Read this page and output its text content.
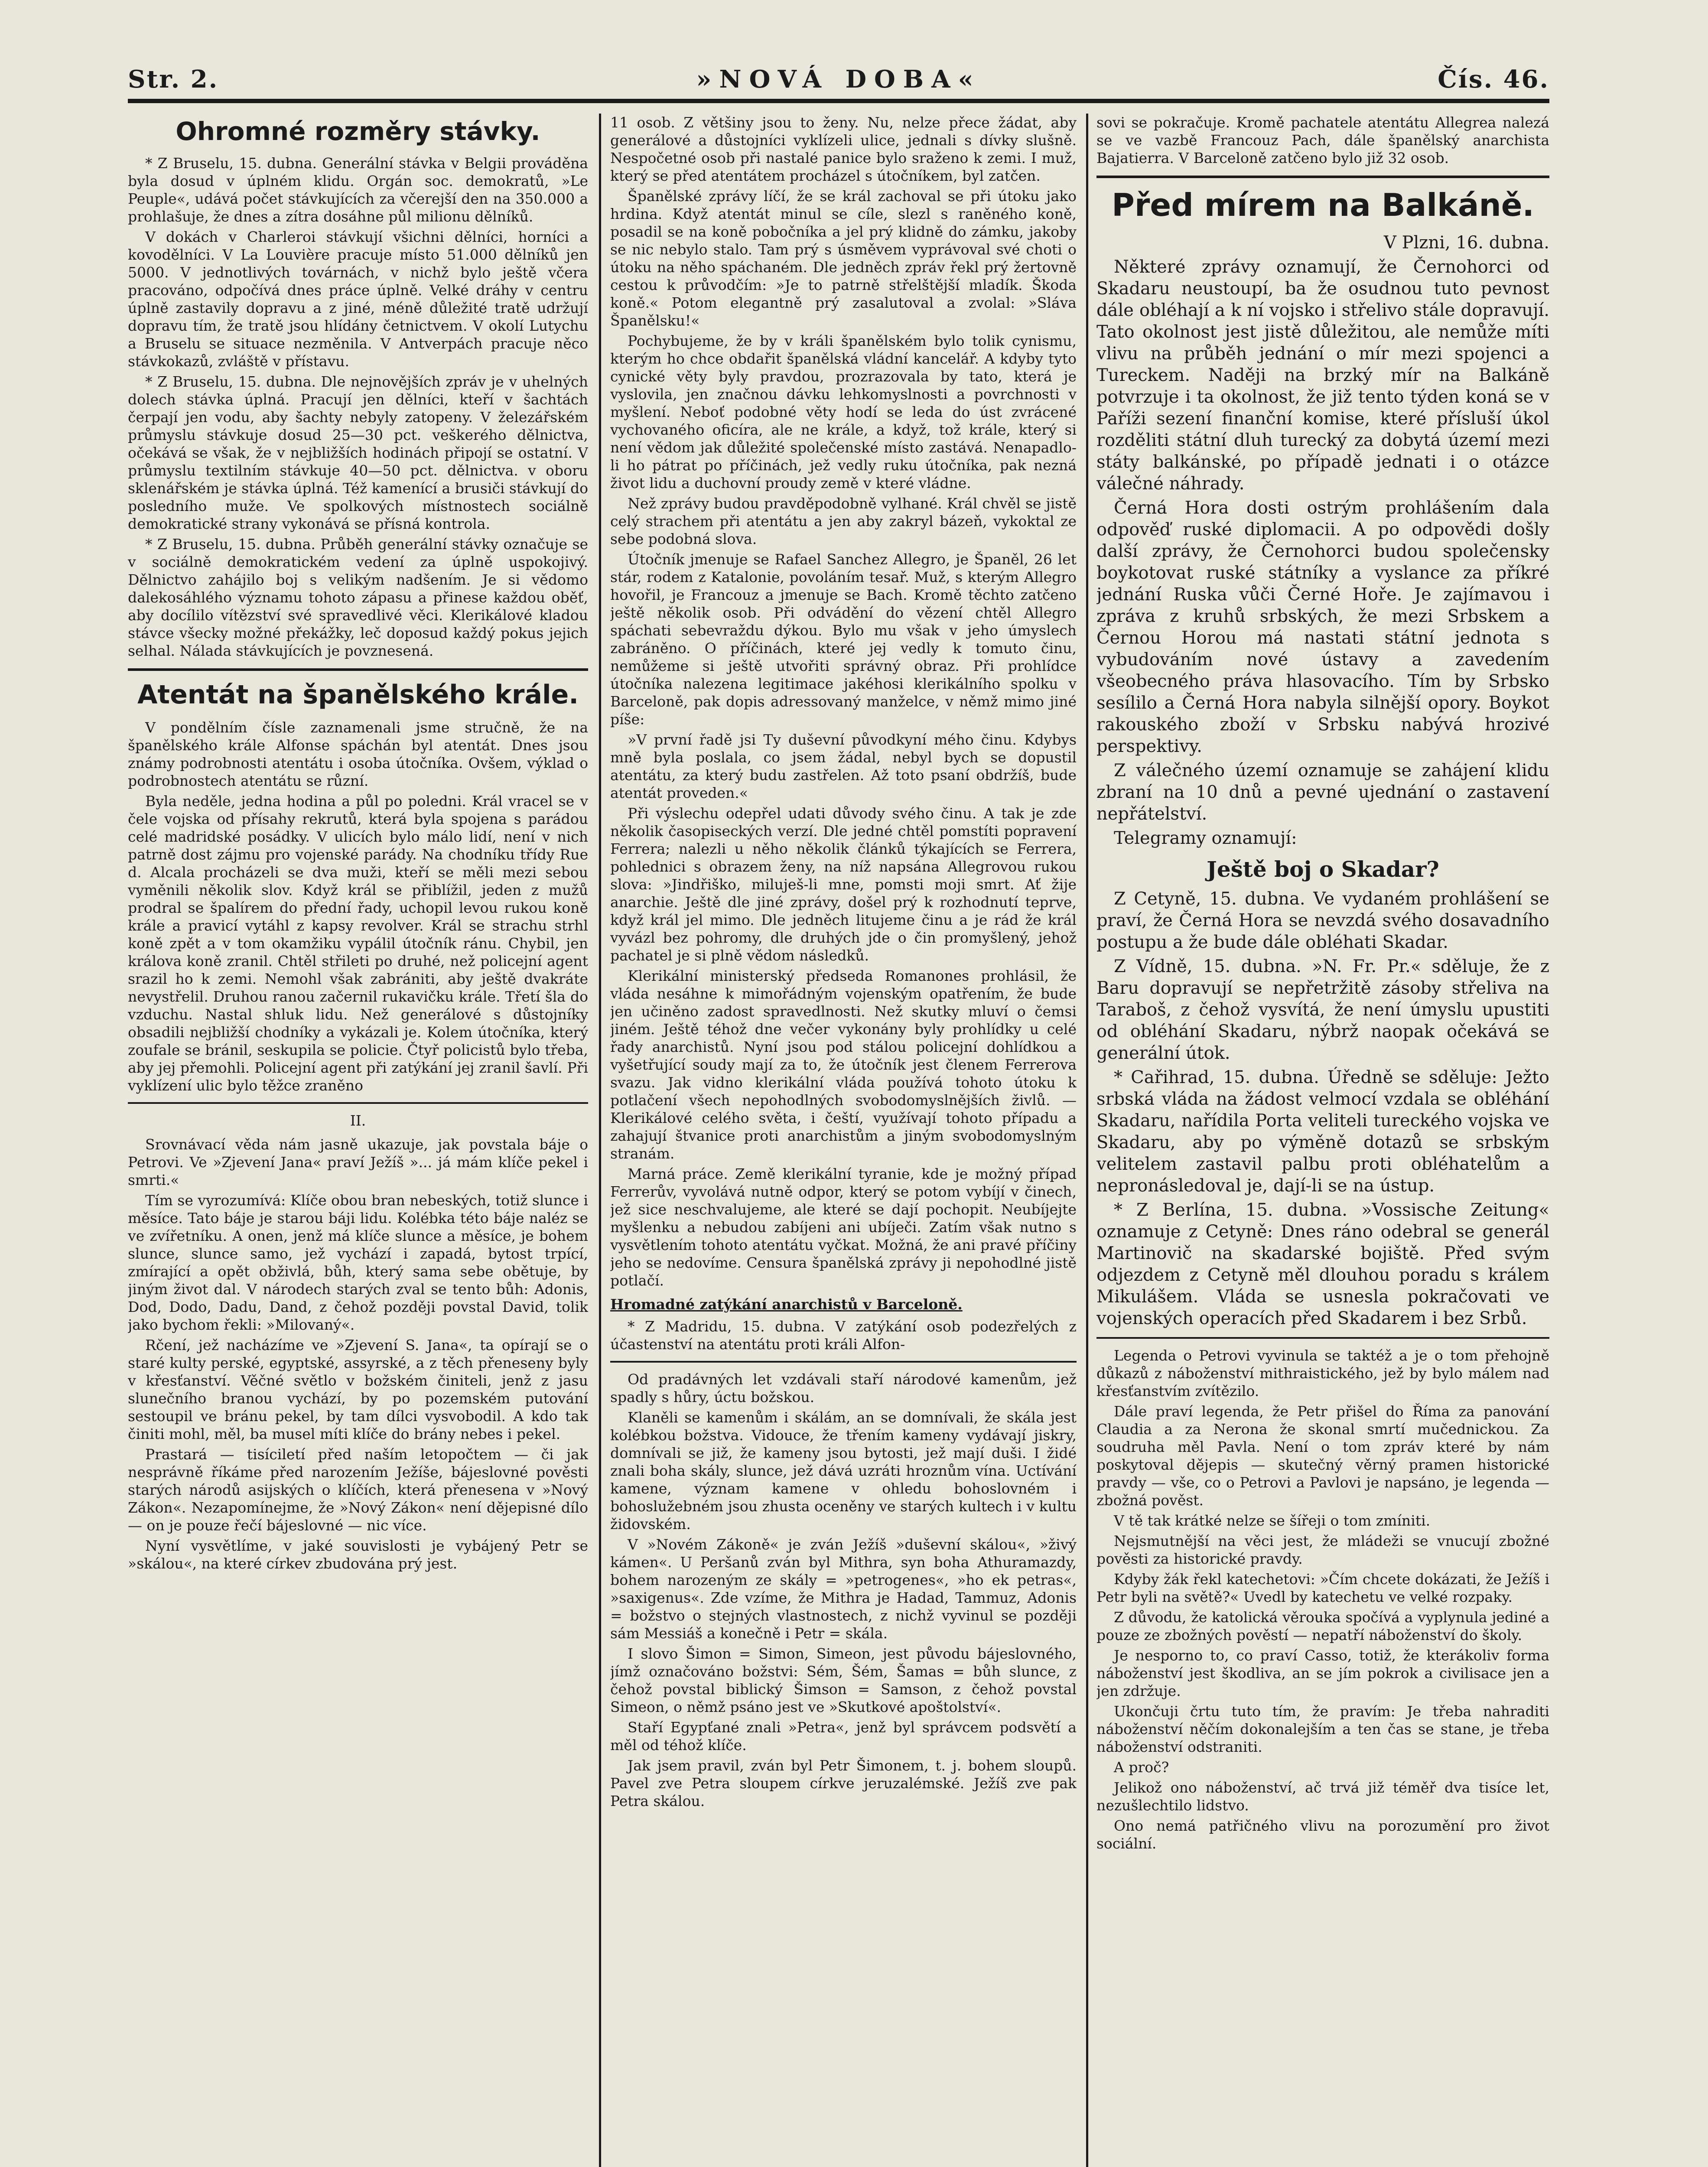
Str. 2.	»NOVÁ DOBA«	Čís. 46.
Ohromné rozměry stávky.

* Z Bruselu, 15. dubna. Generální stávka v Belgii prováděna byla dosud v úplném klidu. Orgán soc. demokratů, »Le Peuple«, udává počet stávkujících za včerejší den na 350.000 a prohlašuje, že dnes a zítra dosáhne půl milionu dělníků.

V dokách v Charleroi stávkují všichni dělníci, horníci a kovodělníci. V La Louvière pracuje místo 51.000 dělníků jen 5000. V jednotlivých továrnách, v nichž bylo ještě včera pracováno, odpočívá dnes práce úplně. Velké dráhy v centru úplně zastavily dopravu a z jiné, méně důležité tratě udržují dopravu tím, že tratě jsou hlídány četnictvem. V okolí Lutychu a Bruselu se situace nezměnila. V Antverpách pracuje něco stávkokazů, zvláště v přístavu.

* Z Bruselu, 15. dubna. Dle nejnovějších zpráv je v uhelných dolech stávka úplná. Pracují jen dělníci, kteří v šachtách čerpají jen vodu, aby šachty nebyly zatopeny. V železářském průmyslu stávkuje dosud 25—30 pct. veškerého dělnictva, očekává se však, že v nejbližších hodinách připojí se ostatní. V průmyslu textilním stávkuje 40—50 pct. dělnictva. v oboru sklenářském je stávka úplná. Též kamenící a brusiči stávkují do posledního muže. Ve spolkových místnostech sociálně demokratické strany vykonává se přísná kontrola.

* Z Bruselu, 15. dubna. Průběh generální stávky označuje se v sociálně demokratickém vedení za úplně uspokojivý. Dělnictvo zahájilo boj s velikým nadšením. Je si vědomo dalekosáhlého významu tohoto zápasu a přinese každou oběť, aby docílilo vítězství své spravedlivé věci. Klerikálové kladou stávce všecky možné překážky, leč doposud každý pokus jejich selhal. Nálada stávkujících je povznesená.

Atentát na španělského krále.

V pondělním čísle zaznamenali jsme stručně, že na španělského krále Alfonse spáchán byl atentát. Dnes jsou známy podrobnosti atentátu i osoba útočníka. Ovšem, výklad o podrobnostech atentátu se různí.

Byla neděle, jedna hodina a půl po poledni. Král vracel se v čele vojska od přísahy rekrutů, která byla spojena s parádou celé madridské posádky. V ulicích bylo málo lidí, není v nich patrně dost zájmu pro vojenské parády. Na chodníku třídy Rue d. Alcala procházeli se dva muži, kteří se měli mezi sebou vyměnili několik slov. Když král se přiblížil, jeden z mužů prodral se špalírem do přední řady, uchopil levou rukou koně krále a pravicí vytáhl z kapsy revolver. Král se strachu strhl koně zpět a v tom okamžiku vypálil útočník ránu. Chybil, jen králova koně zranil. Chtěl střileti po druhé, než policejní agent srazil ho k zemi. Nemohl však zabrániti, aby ještě dvakráte nevystřelil. Druhou ranou začernil rukavičku krále. Třetí šla do vzduchu. Nastal shluk lidu. Než generálové s důstojníky obsadili nejbližší chodníky a vykázali je. Kolem útočníka, který zoufale se bránil, seskupila se policie. Čtyř policistů bylo třeba, aby jej přemohli. Policejní agent při zatýkání jej zranil šavlí. Při vyklízení ulic bylo těžce zraněno

II.

Srovnávací věda nám jasně ukazuje, jak povstala báje o Petrovi. Ve »Zjevení Jana« praví Ježíš »... já mám klíče pekel i smrti.«

Tím se vyrozumívá: Klíče obou bran nebeských, totiž slunce i měsíce. Tato báje je starou báji lidu. Kolébka této báje naléz se ve zvířetníku. A onen, jenž má klíče slunce a měsíce, je bohem slunce, slunce samo, jež vychází i zapadá, bytost trpící, zmírající a opět obživlá, bůh, který sama sebe obětuje, by jiným život dal. V národech starých zval se tento bůh: Adonis, Dod, Dodo, Dadu, Dand, z čehož později povstal David, tolik jako bychom řekli: »Milovaný«.

Rčení, jež nacházíme ve »Zjevení S. Jana«, ta opírají se o staré kulty perské, egyptské, assyrské, a z těch přeneseny byly v křesťanství. Věčné světlo v božském činiteli, jenž z jasu slunečního branou vychází, by po pozemském putování sestoupil ve bránu pekel, by tam dílci vysvobodil. A kdo tak činiti mohl, měl, ba musel míti klíče do brány nebes i pekel.

Prastará — tisíciletí před naším letopočtem — či jak nesprávně říkáme před narozením Ježíše, bájeslovné pověsti starých národů asijských o klíčích, která přenesena v »Nový Zákon«. Nezapomínejme, že »Nový Zákon« není dějepisné dílo — on je pouze řečí bájeslovné — nic více.

Nyní vysvětlíme, v jaké souvislosti je vybájený Petr se »skálou«, na které církev zbudována prý jest.

11 osob. Z většiny jsou to ženy. Nu, nelze přece žádat, aby generálové a důstojníci vyklízeli ulice, jednali s dívky slušně. Nespočetné osob při nastalé panice bylo sraženo k zemi. I muž, který se před atentátem procházel s útočníkem, byl zatčen.

Španělské zprávy líčí, že se král zachoval se při útoku jako hrdina. Když atentát minul se cíle, slezl s raněného koně, posadil se na koně pobočníka a jel prý klidně do zámku, jakoby se nic nebylo stalo. Tam prý s úsměvem vyprávoval své choti o útoku na něho spáchaném. Dle jedněch zpráv řekl prý žertovně cestou k průvodčím: »Je to patrně střelštější mladík. Škoda koně.« Potom elegantně prý zasalutoval a zvolal: »Sláva Španělsku!«

Pochybujeme, že by v králi španělském bylo tolik cynismu, kterým ho chce obdařit španělská vládní kancelář. A kdyby tyto cynické věty byly pravdou, prozrazovala by tato, která je vyslovila, jen značnou dávku lehkomyslnosti a povrchnosti v myšlení. Neboť podobné věty hodí se leda do úst zvrácené vychovaného oficíra, ale ne krále, a když, tož krále, který si není vědom jak důležité společenské místo zastává. Nenapadlo-li ho pátrat po příčinách, jež vedly ruku útočníka, pak nezná život lidu a duchovní proudy země v které vládne.

Než zprávy budou pravděpodobně vylhané. Král chvěl se jistě celý strachem při atentátu a jen aby zakryl bázeň, vykoktal ze sebe podobná slova.

Útočník jmenuje se Rafael Sanchez Allegro, je Španěl, 26 let stár, rodem z Katalonie, povoláním tesař. Muž, s kterým Allegro hovořil, je Francouz a jmenuje se Bach. Kromě těchto zatčeno ještě několik osob. Při odvádění do vězení chtěl Allegro spáchati sebevraždu dýkou. Bylo mu však v jeho úmyslech zabráněno. O příčinách, které jej vedly k tomuto činu, nemůžeme si ještě utvořiti správný obraz. Při prohlídce útočníka nalezena legitimace jakéhosi klerikálního spolku v Barceloně, pak dopis adressovaný manželce, v němž mimo jiné píše:

»V první řadě jsi Ty duševní původkyní mého činu. Kdybys mně byla poslala, co jsem žádal, nebyl bych se dopustil atentátu, za který budu zastřelen. Až toto psaní obdržíš, bude atentát proveden.«

Při výslechu odepřel udati důvody svého činu. A tak je zde několik časopiseckých verzí. Dle jedné chtěl pomstíti popravení Ferrera; nalezli u něho několik článků týkajících se Ferrera, pohlednici s obrazem ženy, na níž napsána Allegrovou rukou slova: »Jindřiško, miluješ-li mne, pomsti moji smrt. Ať žije anarchie. Ještě dle jiné zprávy, došel prý k rozhodnutí teprve, když král jel mimo. Dle jedněch litujeme činu a je rád že král vyvázl bez pohromy, dle druhých jde o čin promyšlený, jehož pachatel je si plně vědom následků.

Klerikální ministerský předseda Romanones prohlásil, že vláda nesáhne k mimořádným vojenským opatřením, že bude jen učiněno zadost spravedlnosti. Než skutky mluví o čemsi jiném. Ještě téhož dne večer vykonány byly prohlídky u celé řady anarchistů. Nyní jsou pod stálou policejní dohlídkou a vyšetřující soudy mají za to, že útočník jest členem Ferrerova svazu. Jak vidno klerikální vláda používá tohoto útoku k potlačení všech nepohodlných svobodomyslnějších živlů. — Klerikálové celého světa, i čeští, využívají tohoto případu a zahajují štvanice proti anarchistům a jiným svobodomyslným stranám.

Marná práce. Země klerikální tyranie, kde je možný případ Ferrerův, vyvolává nutně odpor, který se potom vybíjí v činech, jež sice neschvalujeme, ale které se dají pochopit. Neubíjejte myšlenku a nebudou zabíjeni ani ubíječi. Zatím však nutno s vysvětlením tohoto atentátu vyčkat. Možná, že ani pravé příčiny jeho se nedovíme. Censura španělská zprávy ji nepohodlné jistě potlačí.

Hromadné zatýkání anarchistů v Barceloně.

* Z Madridu, 15. dubna. V zatýkání osob podezřelých z účastenství na atentátu proti králi Alfon-

Od pradávných let vzdávali staří národové kamenům, jež spadly s hůry, úctu božskou.

Klaněli se kamenům i skálám, an se domnívali, že skála jest kolébkou božstva. Vidouce, že třením kameny vydávají jiskry, domnívali se již, že kameny jsou bytosti, jež mají duši. I židé znali boha skály, slunce, jež dává uzráti hroznům vína. Uctívání kamene, význam kamene v ohledu bohoslovném i bohoslužebném jsou zhusta oceněny ve starých kultech i v kultu židovském.

V »Novém Zákoně« je zván Ježíš »duševní skálou«, »živý kámen«. U Peršanů zván byl Mithra, syn boha Athuramazdy, bohem narozeným ze skály = »petrogenes«, »ho ek petras«, »saxigenus«. Zde vzíme, že Mithra je Hadad, Tammuz, Adonis = božstvo o stejných vlastnostech, z nichž vyvinul se později sám Messiáš a konečně i Petr = skála.

I slovo Šimon = Simon, Simeon, jest původu bájeslovného, jímž označováno božstvi: Sém, Šém, Šamas = bůh slunce, z čehož povstal biblický Šimson = Samson, z čehož povstal Simeon, o němž psáno jest ve »Skutkové apoštolství«.

Staří Egypťané znali »Petra«, jenž byl správcem podsvětí a měl od téhož klíče.

Jak jsem pravil, zván byl Petr Šimonem, t. j. bohem sloupů. Pavel zve Petra sloupem církve jeruzalémské. Ježíš zve pak Petra skálou.

sovi se pokračuje. Kromě pachatele atentátu Allegrea nalezá se ve vazbě Francouz Pach, dále španělský anarchista Bajatierra. V Barceloně zatčeno bylo již 32 osob.

Před mírem na Balkáně.

V Plzni, 16. dubna.

Některé zprávy oznamují, že Černohorci od Skadaru neustoupí, ba že osudnou tuto pevnost dále obléhají a k ní vojsko i střelivo stále dopravují. Tato okolnost jest jistě důležitou, ale nemůže míti vlivu na průběh jednání o mír mezi spojenci a Tureckem. Naději na brzký mír na Balkáně potvrzuje i ta okolnost, že již tento týden koná se v Paříži sezení finanční komise, které přísluší úkol rozděliti státní dluh turecký za dobytá území mezi státy balkánské, po případě jednati i o otázce válečné náhrady.

Černá Hora dosti ostrým prohlášením dala odpověď ruské diplomacii. A po odpovědi došly další zprávy, že Černohorci budou společensky boykotovat ruské státníky a vyslance za příkré jednání Ruska vůči Černé Hoře. Je zajímavou i zpráva z kruhů srbských, že mezi Srbskem a Černou Horou má nastati státní jednota s vybudováním nové ústavy a zavedením všeobecného práva hlasovacího. Tím by Srbsko sesílilo a Černá Hora nabyla silnější opory. Boykot rakouského zboží v Srbsku nabývá hrozivé perspektivy.

Z válečného území oznamuje se zahájení klidu zbraní na 10 dnů a pevné ujednání o zastavení nepřátelství.

Telegramy oznamují:

Ještě boj o Skadar?

Z Cetyně, 15. dubna. Ve vydaném prohlášení se praví, že Černá Hora se nevzdá svého dosavadního postupu a že bude dále obléhati Skadar.

Z Vídně, 15. dubna. »N. Fr. Pr.« sděluje, že z Baru dopravují se nepřetržitě zásoby střeliva na Taraboš, z čehož vysvítá, že není úmyslu upustiti od obléhání Skadaru, nýbrž naopak očekává se generální útok.

* Cařihrad, 15. dubna. Úředně se sděluje: Ježto srbská vláda na žádost velmocí vzdala se obléhání Skadaru, nařídila Porta veliteli tureckého vojska ve Skadaru, aby po výměně dotazů se srbským velitelem zastavil palbu proti obléhatelům a nepronásledoval je, dají-li se na ústup.

* Z Berlína, 15. dubna. »Vossische Zeitung« oznamuje z Cetyně: Dnes ráno odebral se generál Martinovič na skadarské bojiště. Před svým odjezdem z Cetyně měl dlouhou poradu s králem Mikulášem. Vláda se usnesla pokračovati ve vojenských operacích před Skadarem i bez Srbů.

Legenda o Petrovi vyvinula se taktéž a je o tom přehojně důkazů z náboženství mithraistického, jež by bylo málem nad křesťanstvím zvítězilo.

Dále praví legenda, že Petr přišel do Říma za panování Claudia a za Nerona že skonal smrtí mučednickou. Za soudruha měl Pavla. Není o tom zpráv které by nám poskytoval dějepis — skutečný věrný pramen historické pravdy — vše, co o Petrovi a Pavlovi je napsáno, je legenda — zbožná pověst.

V tě tak krátké nelze se šířeji o tom zmíniti.

Nejsmutnější na věci jest, že mládeži se vnucují zbožné pověsti za historické pravdy.

Kdyby žák řekl katechetovi: »Čím chcete dokázati, že Ježíš i Petr byli na světě?« Uvedl by katechetu ve velké rozpaky.

Z důvodu, že katolická věrouka spočívá a vyplynula jediné a pouze ze zbožných pověstí — nepatří náboženství do školy.

Je nesporno to, co praví Casso, totiž, že kterákoliv forma náboženství jest škodliva, an se jím pokrok a civilisace jen a jen zdržuje.

Ukončuji črtu tuto tím, že pravím: Je třeba nahraditi náboženství něčím dokonalejším a ten čas se stane, je třeba náboženství odstraniti.

A proč?

Jelikož ono náboženství, ač trvá již téměř dva tisíce let, nezušlechtilo lidstvo.

Ono nemá patřičného vlivu na porozumění pro život sociální.
